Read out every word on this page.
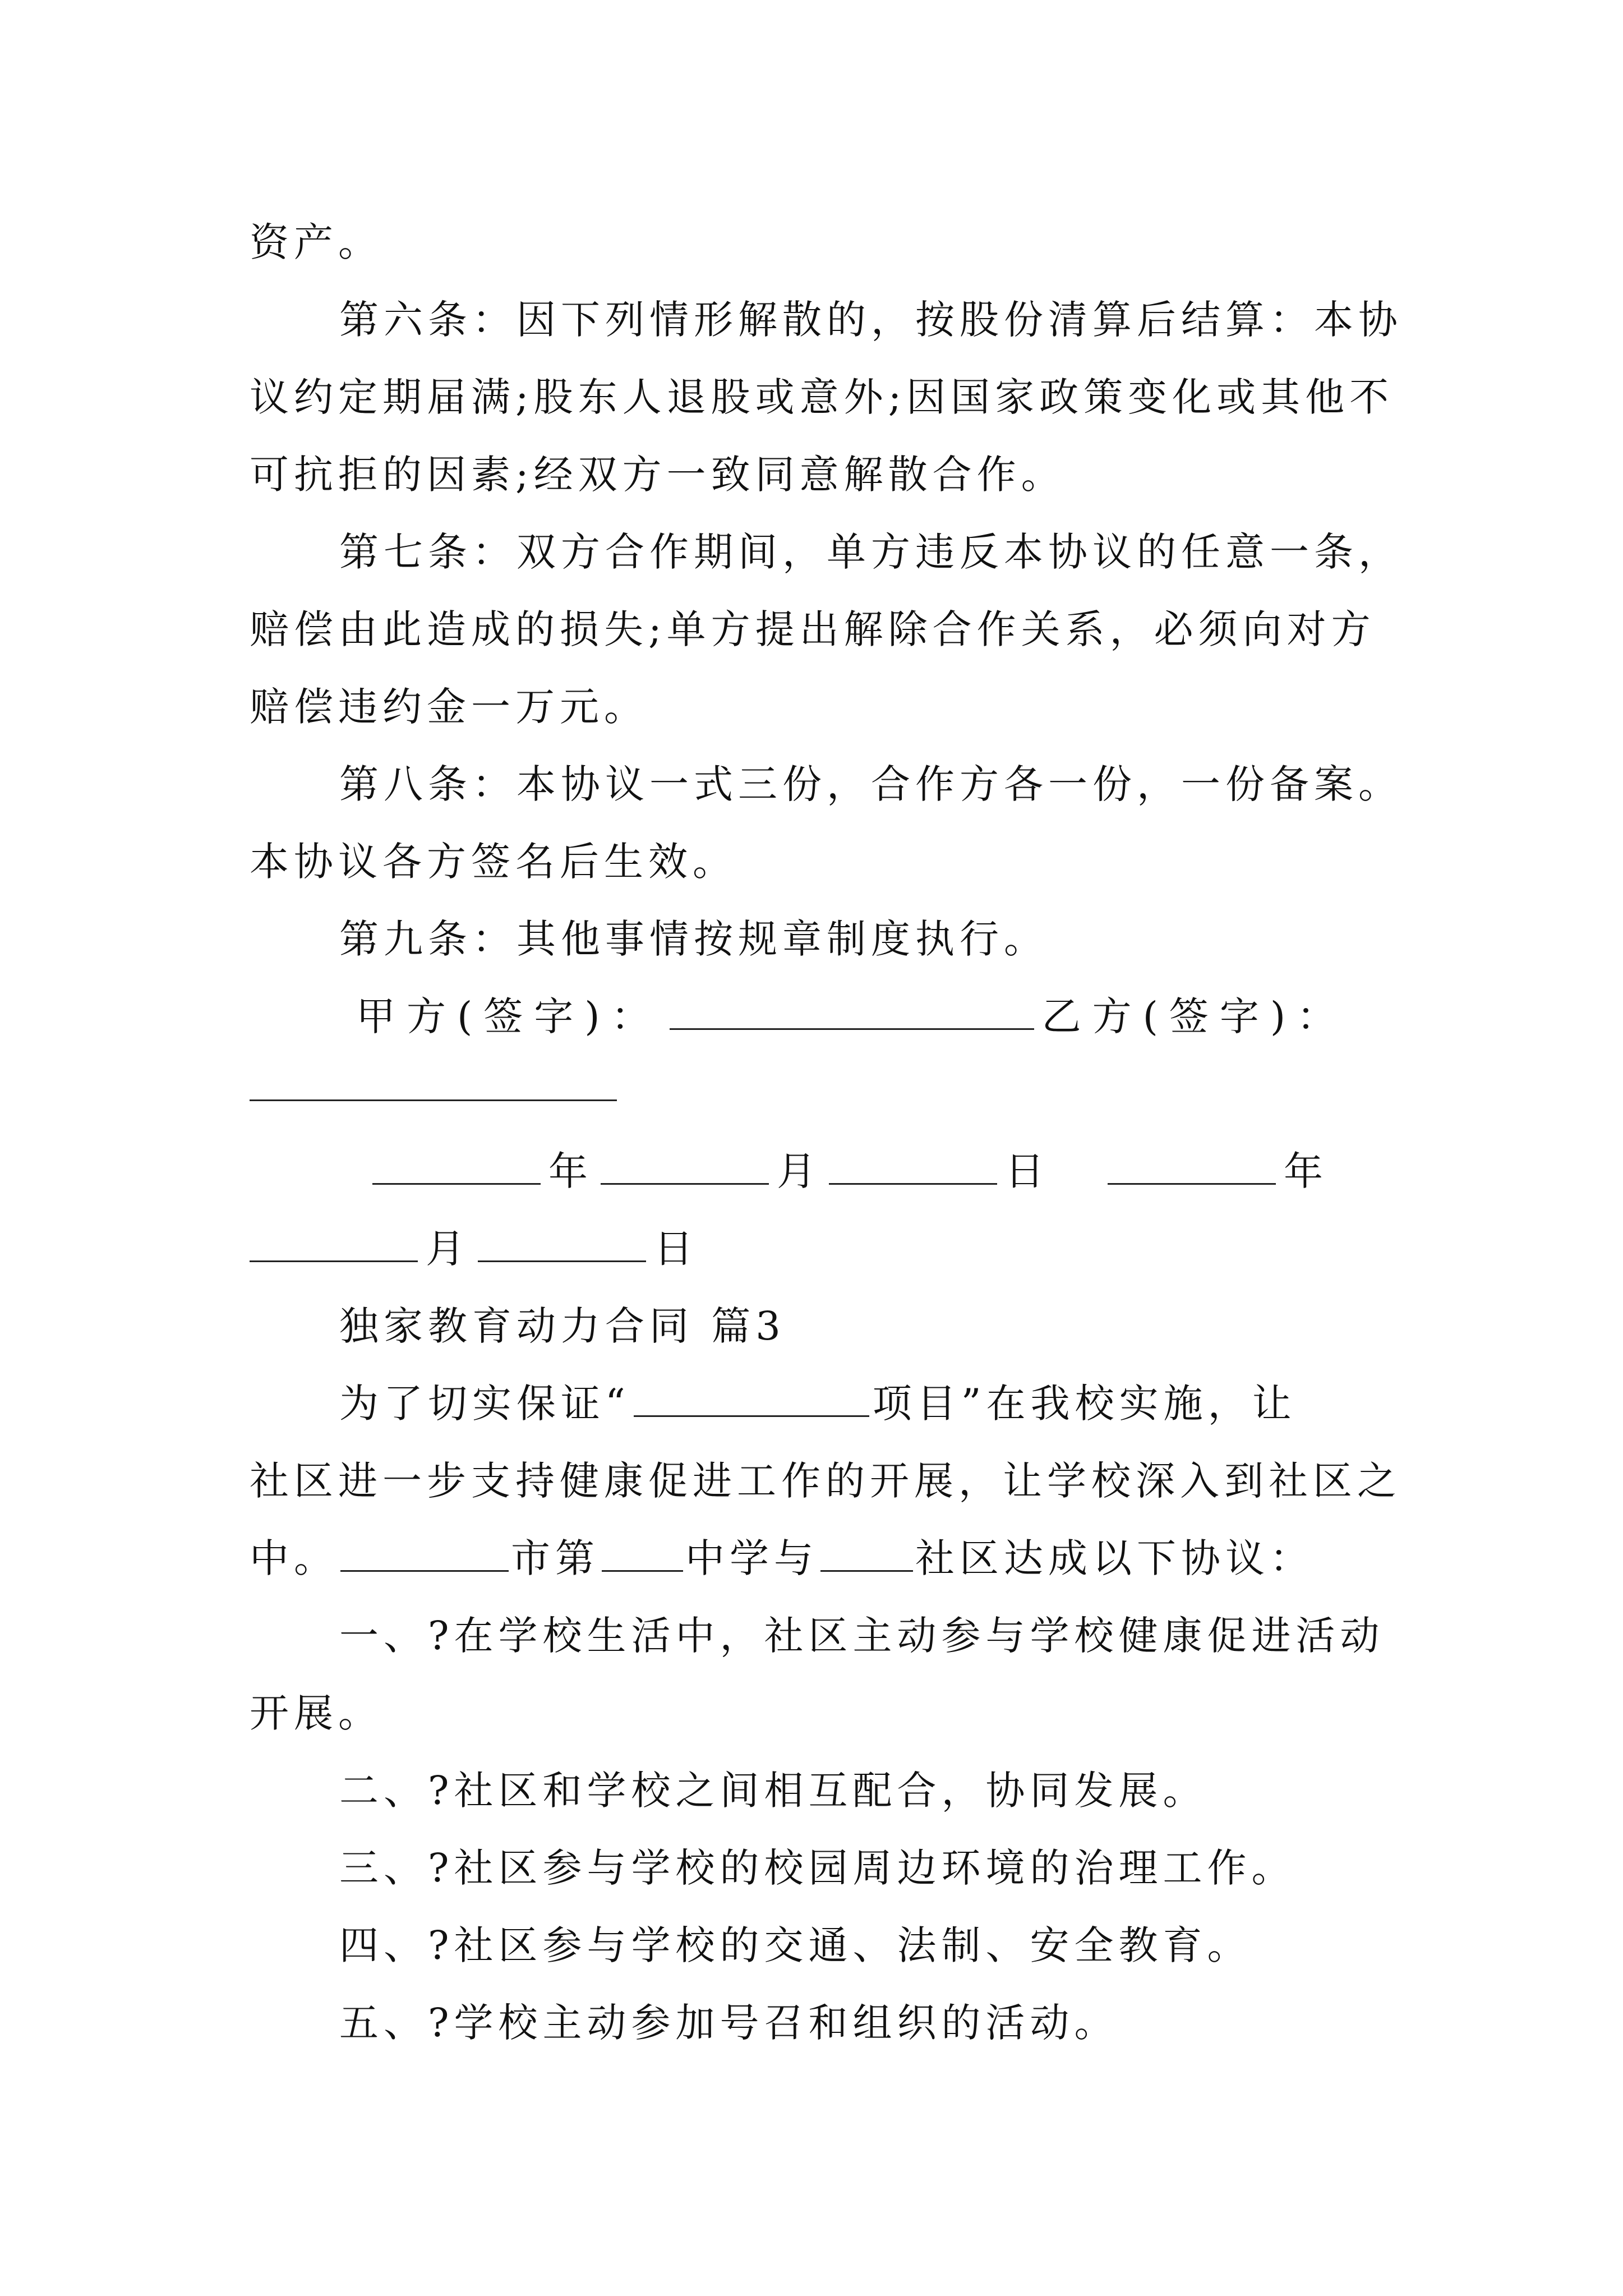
资产。
第六条：因下列情形解散的，按股份清算后结算：本协
议约定期届满;股东人退股或意外;因国家政策变化或其他不
可抗拒的因素;经双方一致同意解散合作。
第七条：双方合作期间，单方违反本协议的任意一条，
赔偿由此造成的损失;单方提出解除合作关系，必须向对方
赔偿违约金一万元。
第八条：本协议一式三份，合作方各一份，一份备案。
本协议各方签名后生效。
第九条：其他事情按规章制度执行。
甲方(签字)：	乙方(签字)：
年	月	日	年
月	日
独家教育动力合同 篇3
为了切实保证“	项目”在我校实施，让
社区进一步支持健康促进工作的开展，让学校深入到社区之
中。	市第 中学与 社区达成以下协议：
一、?在学校生活中，社区主动参与学校健康促进活动
开展。
二、?社区和学校之间相互配合，协同发展。
三、?社区参与学校的校园周边环境的治理工作。
四、?社区参与学校的交通、法制、安全教育。
五、?学校主动参加号召和组织的活动。
